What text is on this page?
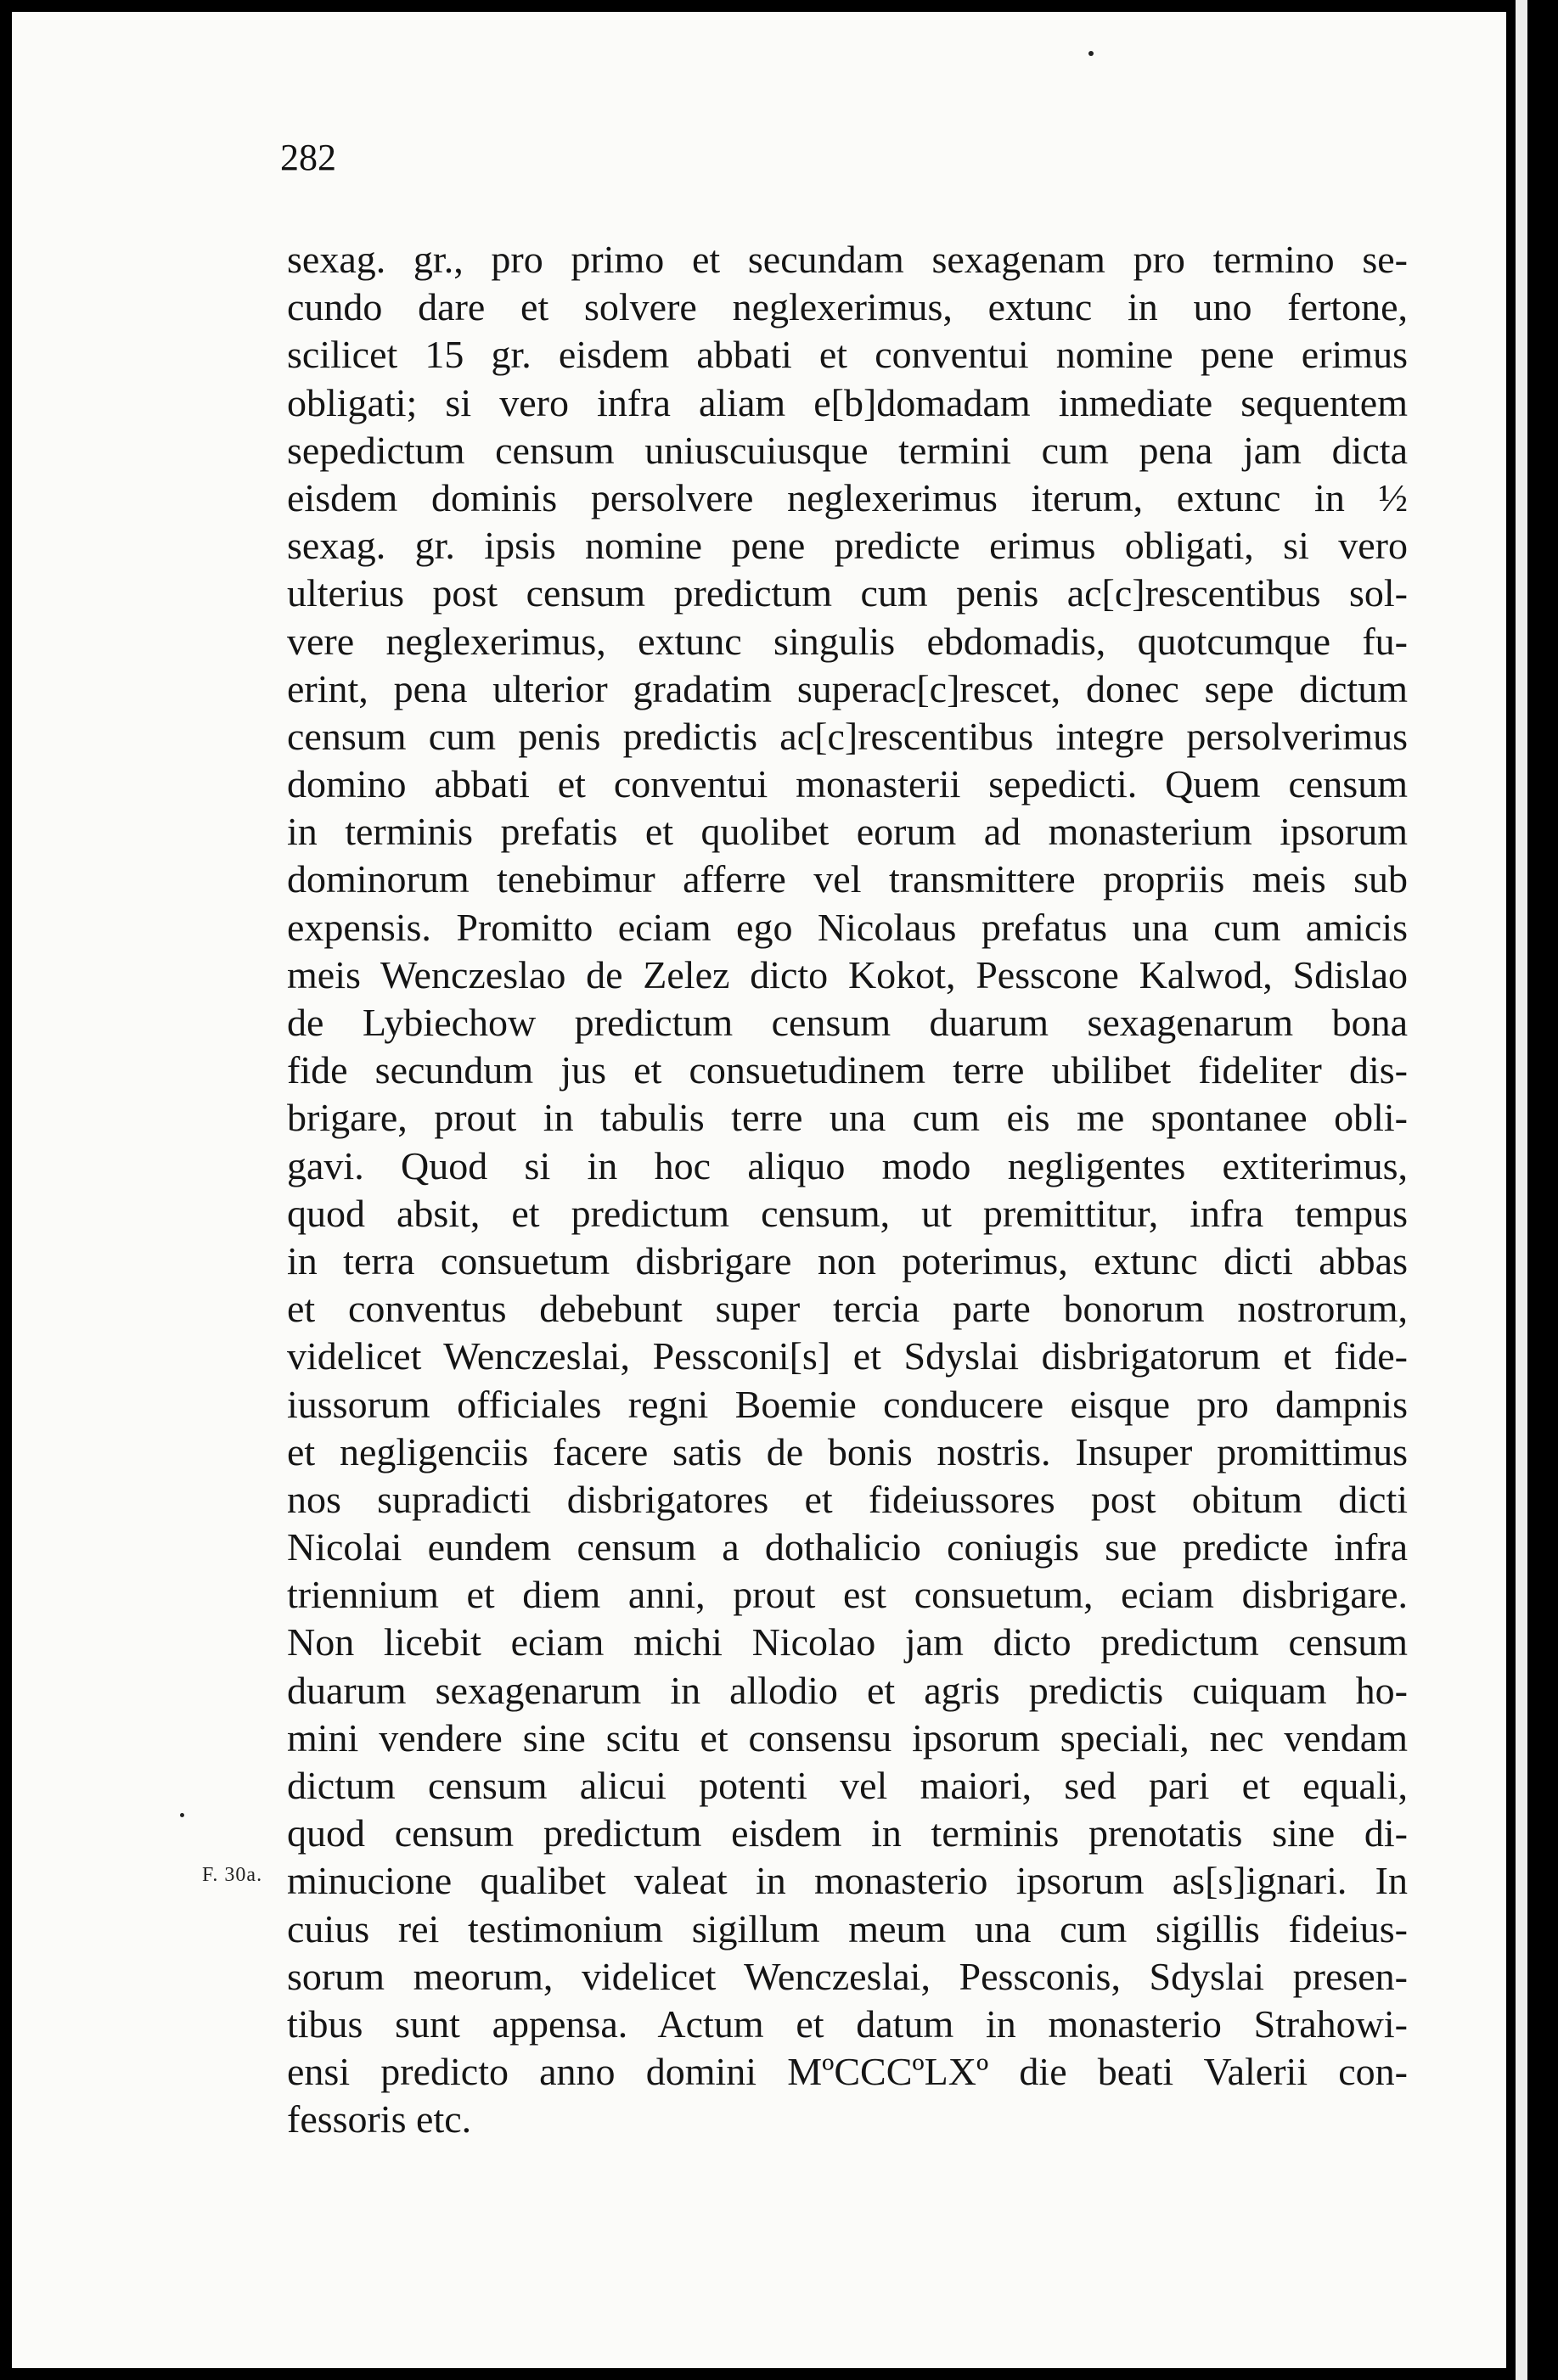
282
F. 30a.
sexag. gr., pro primo et secundam sexagenam pro termino se-
cundo dare et solvere neglexerimus, extunc in uno fertone,
scilicet 15 gr. eisdem abbati et conventui nomine pene erimus
obligati; si vero infra aliam e[b]domadam inmediate sequentem
sepedictum censum uniuscuiusque termini cum pena jam dicta
eisdem dominis persolvere neglexerimus iterum, extunc in ½
sexag. gr. ipsis nomine pene predicte erimus obligati, si vero
ulterius post censum predictum cum penis ac[c]rescentibus sol-
vere neglexerimus, extunc singulis ebdomadis, quotcumque fu-
erint, pena ulterior gradatim superac[c]rescet, donec sepe dictum
censum cum penis predictis ac[c]rescentibus integre persolverimus
domino abbati et conventui monasterii sepedicti. Quem censum
in terminis prefatis et quolibet eorum ad monasterium ipsorum
dominorum tenebimur afferre vel transmittere propriis meis sub
expensis. Promitto eciam ego Nicolaus prefatus una cum amicis
meis Wenczeslao de Zelez dicto Kokot, Pesscone Kalwod, Sdislao
de Lybiechow predictum censum duarum sexagenarum bona
fide secundum jus et consuetudinem terre ubilibet fideliter dis-
brigare, prout in tabulis terre una cum eis me spontanee obli-
gavi. Quod si in hoc aliquo modo negligentes extiterimus,
quod absit, et predictum censum, ut premittitur, infra tempus
in terra consuetum disbrigare non poterimus, extunc dicti abbas
et conventus debebunt super tercia parte bonorum nostrorum,
videlicet Wenczeslai, Pessconi[s] et Sdyslai disbrigatorum et fide-
iussorum officiales regni Boemie conducere eisque pro dampnis
et negligenciis facere satis de bonis nostris. Insuper promittimus
nos supradicti disbrigatores et fideiussores post obitum dicti
Nicolai eundem censum a dothalicio coniugis sue predicte infra
triennium et diem anni, prout est consuetum, eciam disbrigare.
Non licebit eciam michi Nicolao jam dicto predictum censum
duarum sexagenarum in allodio et agris predictis cuiquam ho-
mini vendere sine scitu et consensu ipsorum speciali, nec vendam
dictum censum alicui potenti vel maiori, sed pari et equali,
quod censum predictum eisdem in terminis prenotatis sine di-
minucione qualibet valeat in monasterio ipsorum as[s]ignari. In
cuius rei testimonium sigillum meum una cum sigillis fideius-
sorum meorum, videlicet Wenczeslai, Pessconis, Sdyslai presen-
tibus sunt appensa. Actum et datum in monasterio Strahowi-
ensi predicto anno domini MºCCCºLXº die beati Valerii con-
fessoris etc.
